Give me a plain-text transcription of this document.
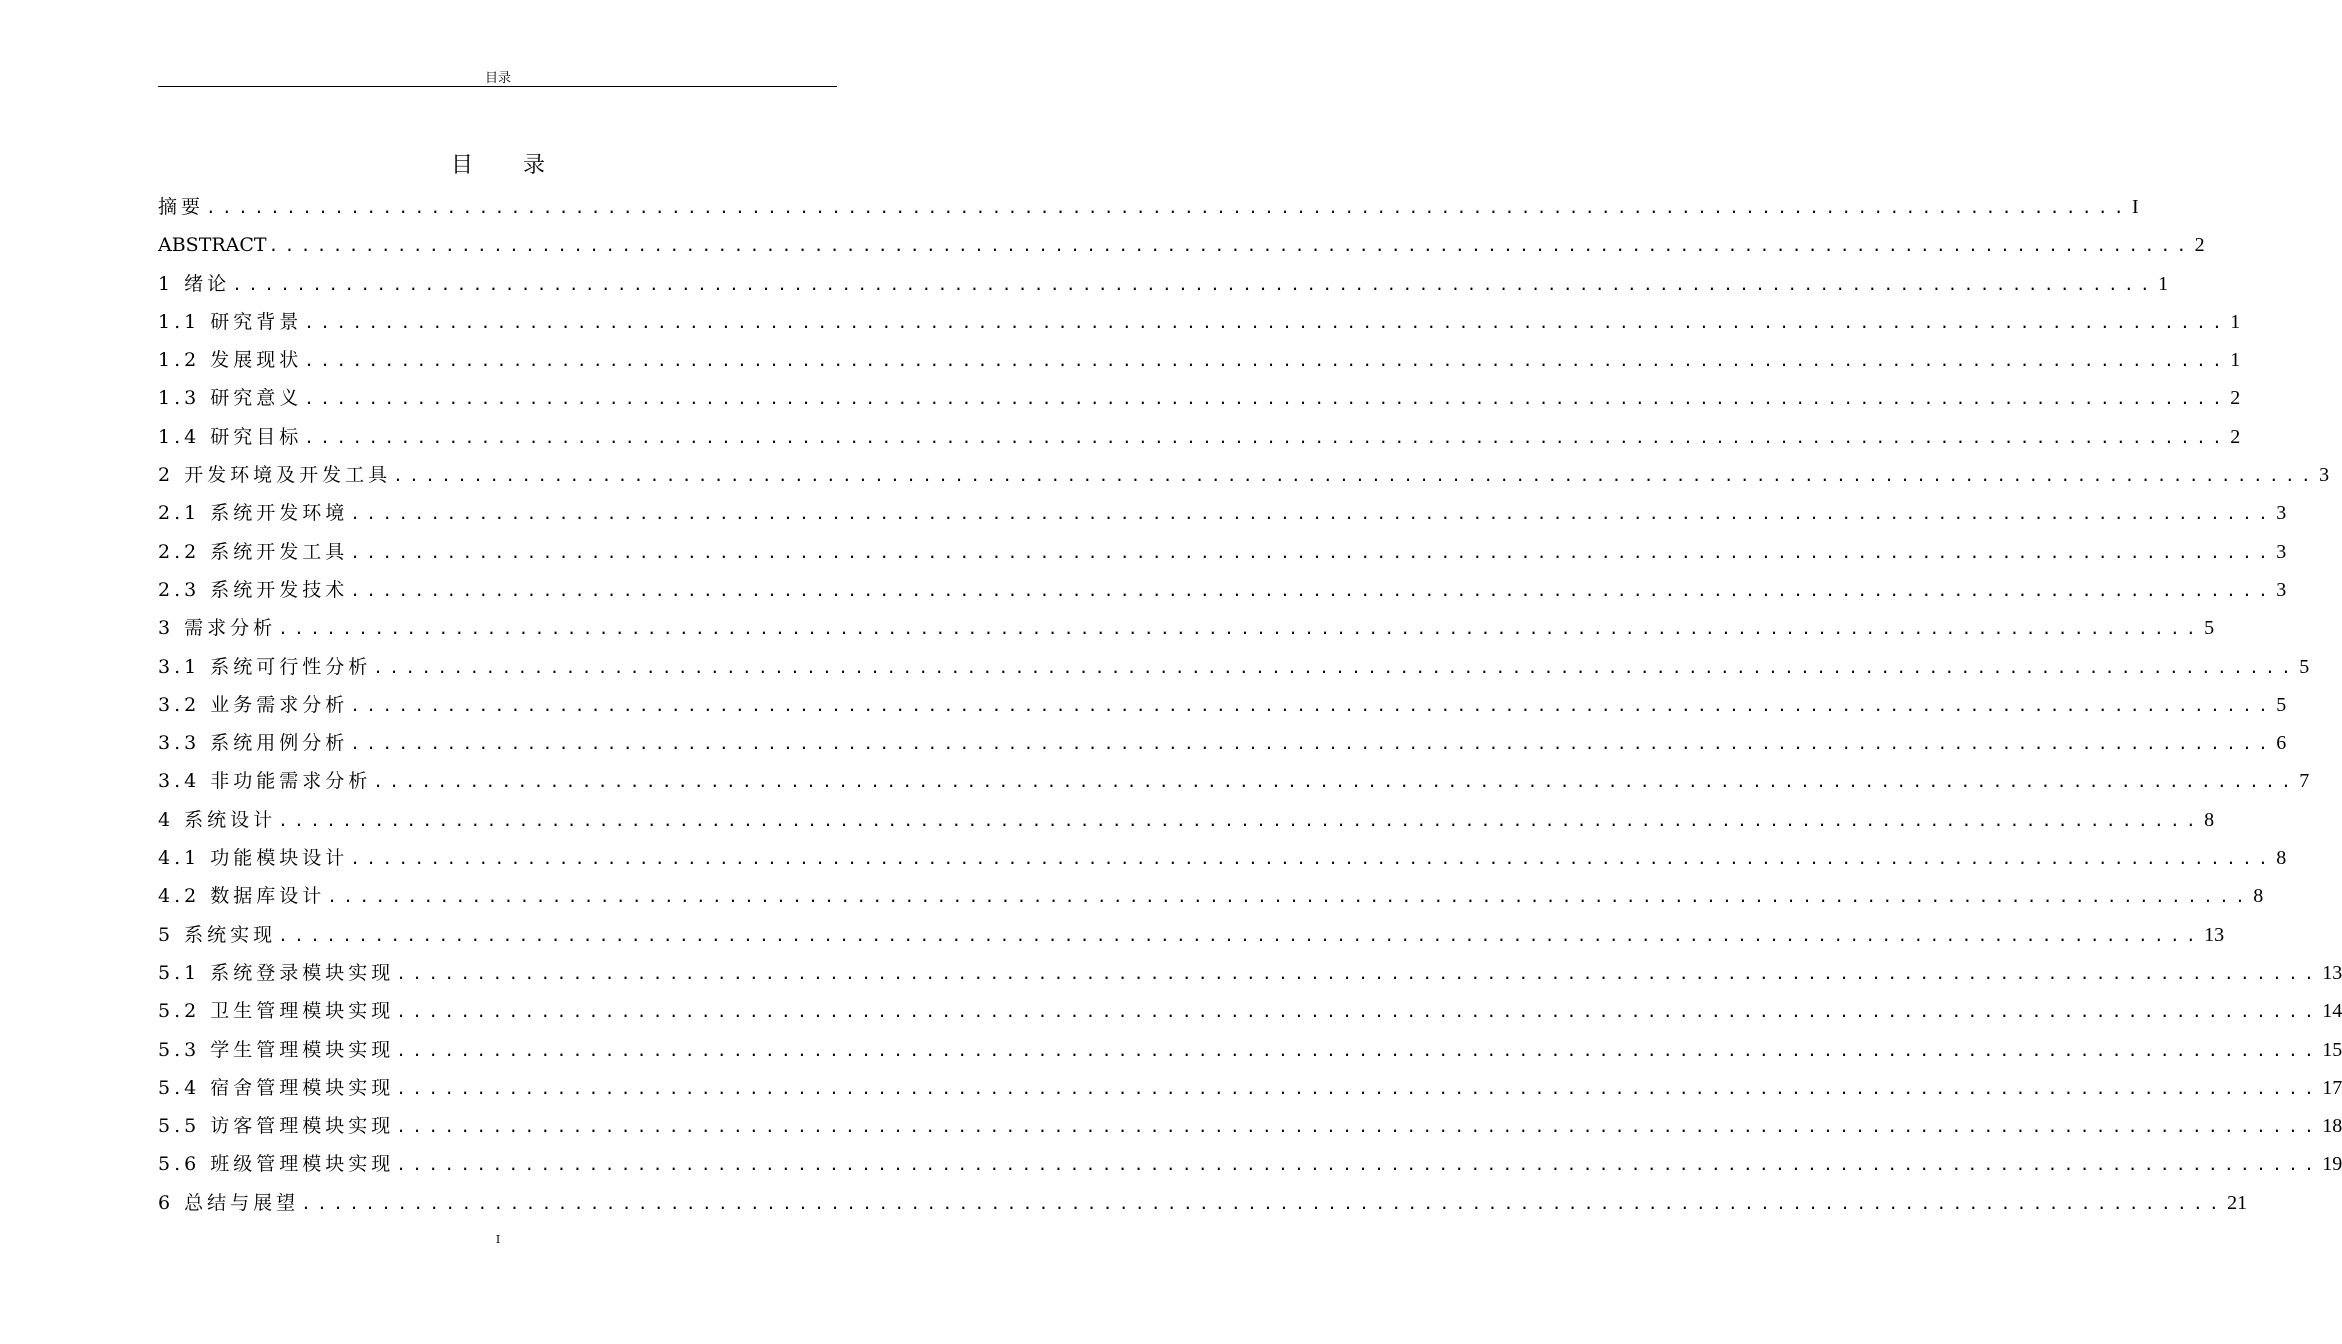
目录
目 录
摘要 ........................................................................................................................ I
ABSTRACT ........................................................................................................................ 2
1 绪论 ........................................................................................................................ 1
1.1 研究背景 ........................................................................................................................ 1
1.2 发展现状 ........................................................................................................................ 1
1.3 研究意义 ........................................................................................................................ 2
1.4 研究目标 ........................................................................................................................ 2
2 开发环境及开发工具 ........................................................................................................................ 3
2.1 系统开发环境 ........................................................................................................................ 3
2.2 系统开发工具 ........................................................................................................................ 3
2.3 系统开发技术 ........................................................................................................................ 3
3 需求分析 ........................................................................................................................ 5
3.1 系统可行性分析 ........................................................................................................................ 5
3.2 业务需求分析 ........................................................................................................................ 5
3.3 系统用例分析 ........................................................................................................................ 6
3.4 非功能需求分析 ........................................................................................................................ 7
4 系统设计 ........................................................................................................................ 8
4.1 功能模块设计 ........................................................................................................................ 8
4.2 数据库设计 ........................................................................................................................ 8
5 系统实现 ........................................................................................................................ 13
5.1 系统登录模块实现 ........................................................................................................................ 13
5.2 卫生管理模块实现 ........................................................................................................................ 14
5.3 学生管理模块实现 ........................................................................................................................ 15
5.4 宿舍管理模块实现 ........................................................................................................................ 17
5.5 访客管理模块实现 ........................................................................................................................ 18
5.6 班级管理模块实现 ........................................................................................................................ 19
6 总结与展望 ........................................................................................................................ 21
I
